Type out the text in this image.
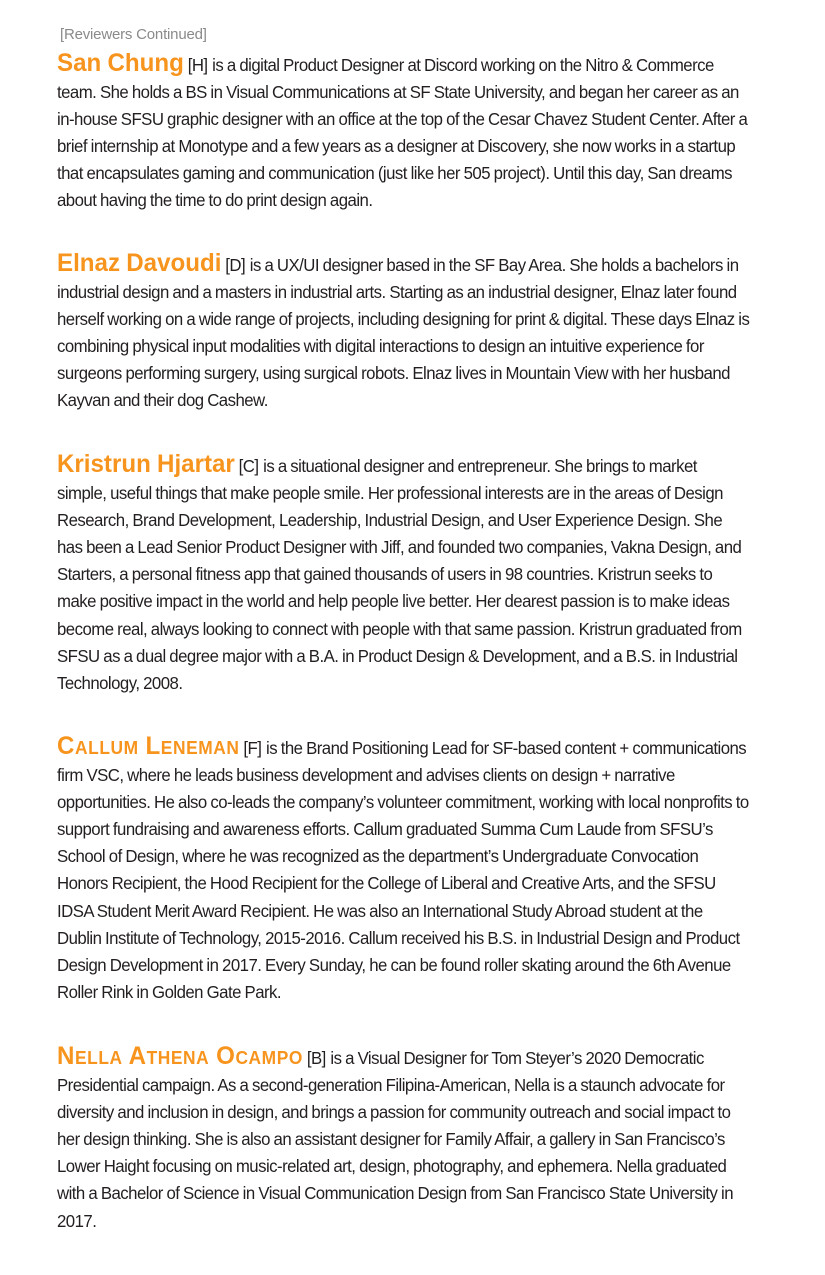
[Reviewers Continued]

San Chung [H] is a digital Product Designer at Discord working on the Nitro & Commerce team. She holds a BS in Visual Communications at SF State University, and began her career as an in-house SFSU graphic designer with an office at the top of the Cesar Chavez Student Center. After a brief internship at Monotype and a few years as a designer at Discovery, she now works in a startup that encapsulates gaming and communication (just like her 505 project). Until this day, San dreams about having the time to do print design again.

Elnaz Davoudi [D] is a UX/UI designer based in the SF Bay Area. She holds a bachelors in industrial design and a masters in industrial arts. Starting as an industrial designer, Elnaz later found herself working on a wide range of projects, including designing for print & digital. These days Elnaz is combining physical input modalities with digital interactions to design an intuitive experience for surgeons performing surgery, using surgical robots. Elnaz lives in Mountain View with her husband Kayvan and their dog Cashew.

Kristrun Hjartar [C] is a situational designer and entrepreneur. She brings to market simple, useful things that make people smile. Her professional interests are in the areas of Design Research, Brand Development, Leadership, Industrial Design, and User Experience Design. She has been a Lead Senior Product Designer with Jiff, and founded two companies, Vakna Design, and Starters, a personal fitness app that gained thousands of users in 98 countries. Kristrun seeks to make positive impact in the world and help people live better. Her dearest passion is to make ideas become real, always looking to connect with people with that same passion. Kristrun graduated from SFSU as a dual degree major with a B.A. in Product Design & Development, and a B.S. in Industrial Technology, 2008.

Callum Leneman [F] is the Brand Positioning Lead for SF-based content + communications firm VSC, where he leads business development and advises clients on design + narrative opportunities. He also co-leads the company’s volunteer commitment, working with local nonprofits to support fundraising and awareness efforts. Callum graduated Summa Cum Laude from SFSU’s School of Design, where he was recognized as the department’s Undergraduate Convocation Honors Recipient, the Hood Recipient for the College of Liberal and Creative Arts, and the SFSU IDSA Student Merit Award Recipient. He was also an International Study Abroad student at the Dublin Institute of Technology, 2015-2016. Callum received his B.S. in Industrial Design and Product Design Development in 2017. Every Sunday, he can be found roller skating around the 6th Avenue Roller Rink in Golden Gate Park.

Nella Athena Ocampo [B] is a Visual Designer for Tom Steyer’s 2020 Democratic Presidential campaign. As a second-generation Filipina-American, Nella is a staunch advocate for diversity and inclusion in design, and brings a passion for community outreach and social impact to her design thinking. She is also an assistant designer for Family Affair, a gallery in San Francisco’s Lower Haight focusing on music-related art, design, photography, and ephemera. Nella graduated with a Bachelor of Science in Visual Communication Design from San Francisco State University in 2017.
